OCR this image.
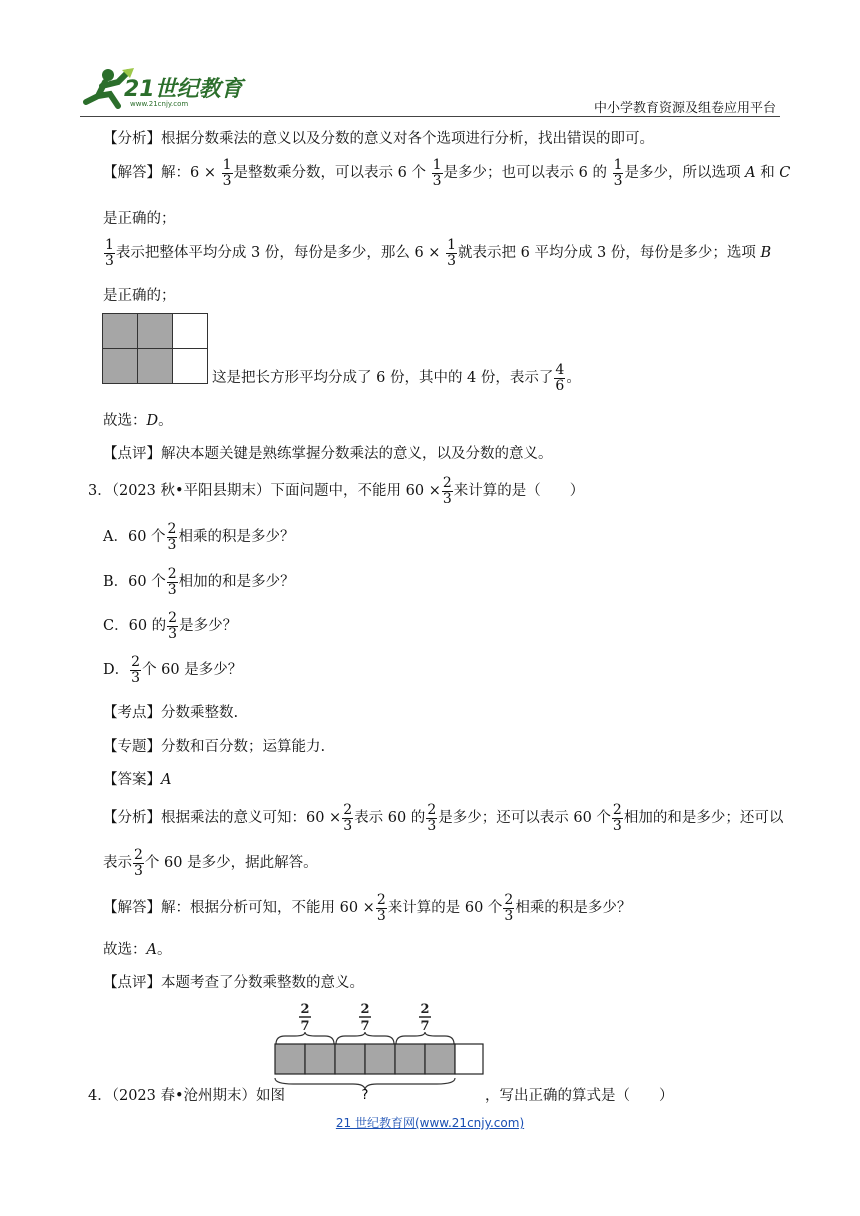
21世纪教育
www.21cnjy.com	中小学教育资源及组卷应用平台
【分析】根据分数乘法的意义以及分数的意义对各个选项进行分析，找出错误的即可。
【解答】解：$6 \times \frac{1}{3}$ 是整数乘分数，可以表示 6 个 $\frac{1}{3}$ 是多少；也可以表示 6 的 $\frac{1}{3}$ 是多少，所以选项 A 和 C
是正确的；
$\frac{1}{3}$ 表示把整体平均分成 3 份，每份是多少，那么 $6 \times \frac{1}{3}$ 就表示把 6 平均分成 3 份，每份是多少；选项 B
是正确的；

这是把长方形平均分成了 6 份，其中的 4 份，表示了 $\frac{4}{6}$ 。
故选：D。
【点评】解决本题关键是熟练掌握分数乘法的意义，以及分数的意义。
3．（2023 秋•平阳县期末）下面问题中，不能用 $60 \times \frac{2}{3}$ 来计算的是（　　）
A．60 个 $\frac{2}{3}$ 相乘的积是多少？
B．60 个 $\frac{2}{3}$ 相加的和是多少？
C．60 的 $\frac{2}{3}$ 是多少？
D． $\frac{2}{3}$ 个 60 是多少？
【考点】分数乘整数.
【专题】分数和百分数；运算能力.
【答案】A
【分析】根据乘法的意义可知：$60 \times \frac{2}{3}$ 表示 60 的 $\frac{2}{3}$ 是多少；还可以表示 60 个 $\frac{2}{3}$ 相加的和是多少；还可以
表示 $\frac{2}{3}$ 个 60 是多少，据此解答。
【解答】解：根据分析可知，不能用 $60 \times \frac{2}{3}$ 来计算的是 60 个 $\frac{2}{3}$ 相乘的积是多少？
故选：A。
【点评】本题考查了分数乘整数的意义。
2
7
2
7
2
7
?
4．（2023 春•沧州期末）如图	，写出正确的算式是（　　）
21 世纪教育网(www.21cnjy.com)
